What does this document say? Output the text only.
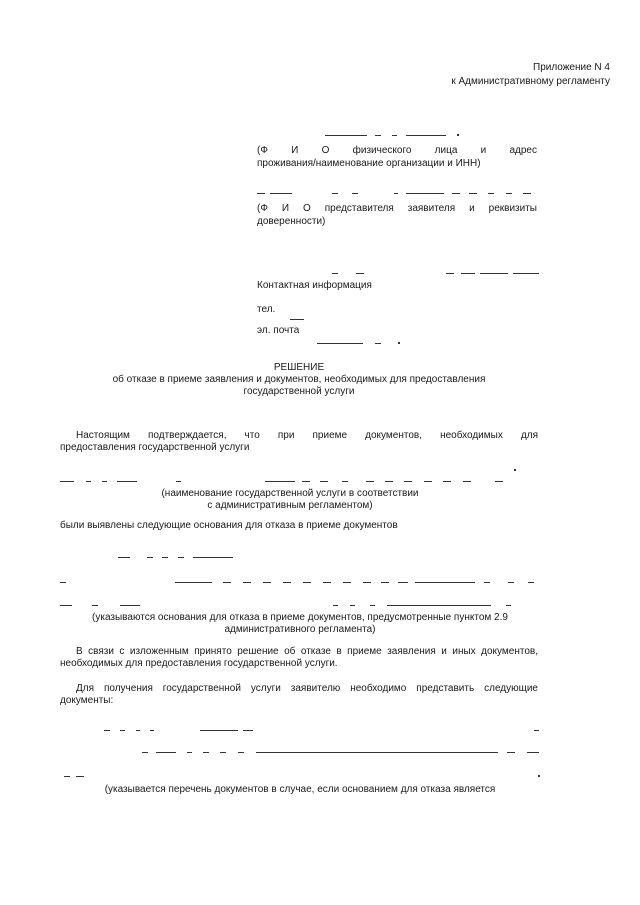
Приложение N 4
к Административному регламенту
(Ф И О физического лица и адрес
проживания/наименование организации и ИНН)
(Ф И О представителя заявителя и реквизиты
доверенности)
Контактная информация
тел.
эл. почта
РЕШЕНИЕ
об отказе в приеме заявления и документов, необходимых для предоставления
государственной услуги
Настоящим подтверждается, что при приеме документов, необходимых для
предоставления государственной услуги
(наименование государственной услуги в соответствии
с административным регламентом)
были выявлены следующие основания для отказа в приеме документов
(указываются основания для отказа в приеме документов, предусмотренные пунктом 2.9
административного регламента)
В связи с изложенным принято решение об отказе в приеме заявления и иных документов,
необходимых для предоставления государственной услуги.
Для получения государственной услуги заявителю необходимо представить следующие
документы:
(указывается перечень документов в случае, если основанием для отказа является
